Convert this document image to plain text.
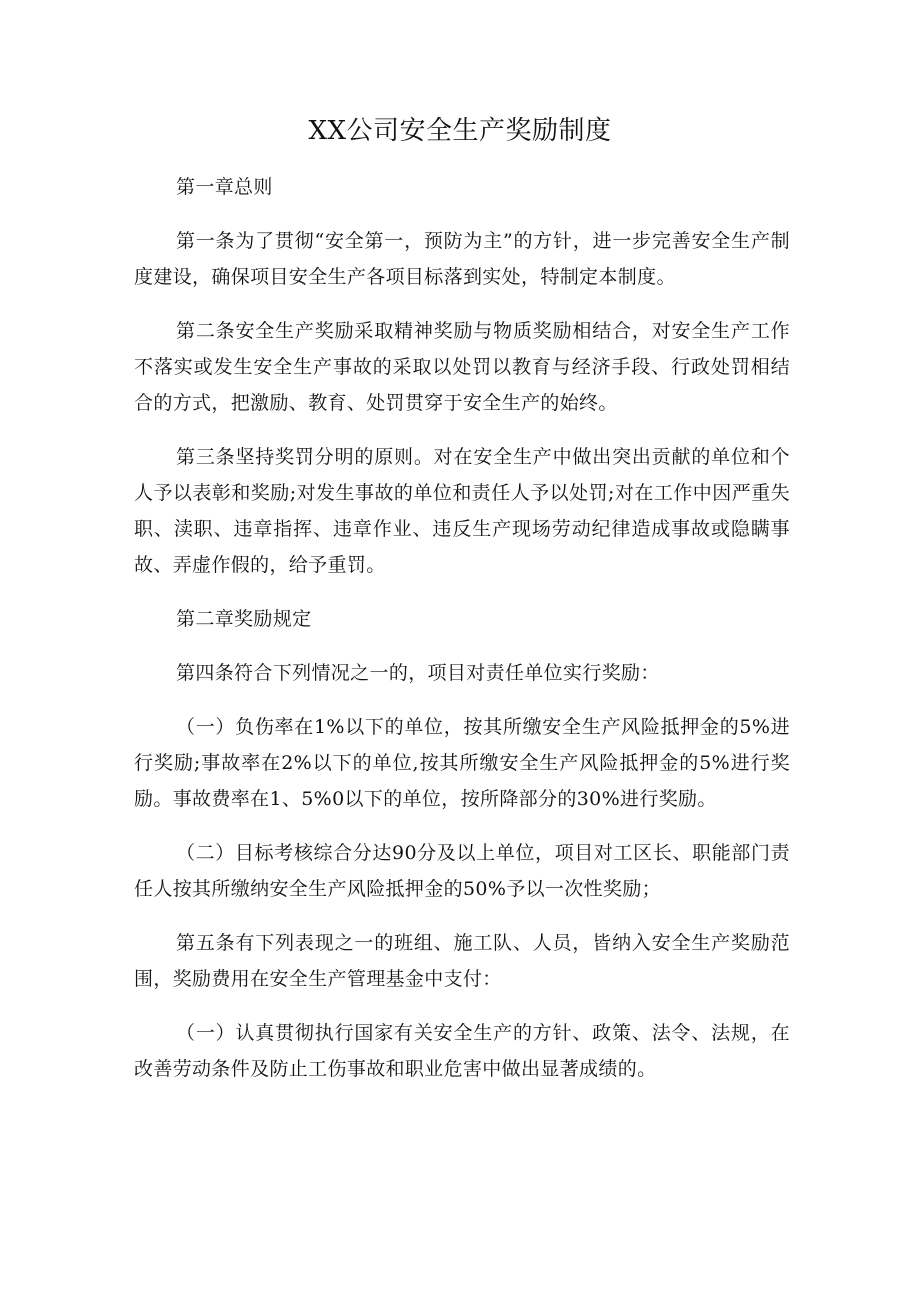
XX公司安全生产奖励制度

第一章总则

第一条为了贯彻“安全第一，预防为主”的方针，进一步完善安全生产制度建设，确保项目安全生产各项目标落到实处，特制定本制度。

第二条安全生产奖励采取精神奖励与物质奖励相结合，对安全生产工作不落实或发生安全生产事故的采取以处罚以教育与经济手段、行政处罚相结合的方式，把激励、教育、处罚贯穿于安全生产的始终。

第三条坚持奖罚分明的原则。对在安全生产中做出突出贡献的单位和个人予以表彰和奖励;对发生事故的单位和责任人予以处罚;对在工作中因严重失职、渎职、违章指挥、违章作业、违反生产现场劳动纪律造成事故或隐瞒事故、弄虚作假的，给予重罚。

第二章奖励规定

第四条符合下列情况之一的，项目对责任单位实行奖励：

（一）负伤率在1%以下的单位，按其所缴安全生产风险抵押金的5%进行奖励;事故率在2%以下的单位,按其所缴安全生产风险抵押金的5%进行奖励。事故费率在1、5%0以下的单位，按所降部分的30%进行奖励。

（二）目标考核综合分达90分及以上单位，项目对工区长、职能部门责任人按其所缴纳安全生产风险抵押金的50%予以一次性奖励；

第五条有下列表现之一的班组、施工队、人员，皆纳入安全生产奖励范围，奖励费用在安全生产管理基金中支付：

（一）认真贯彻执行国家有关安全生产的方针、政策、法令、法规，在改善劳动条件及防止工伤事故和职业危害中做出显著成绩的。
